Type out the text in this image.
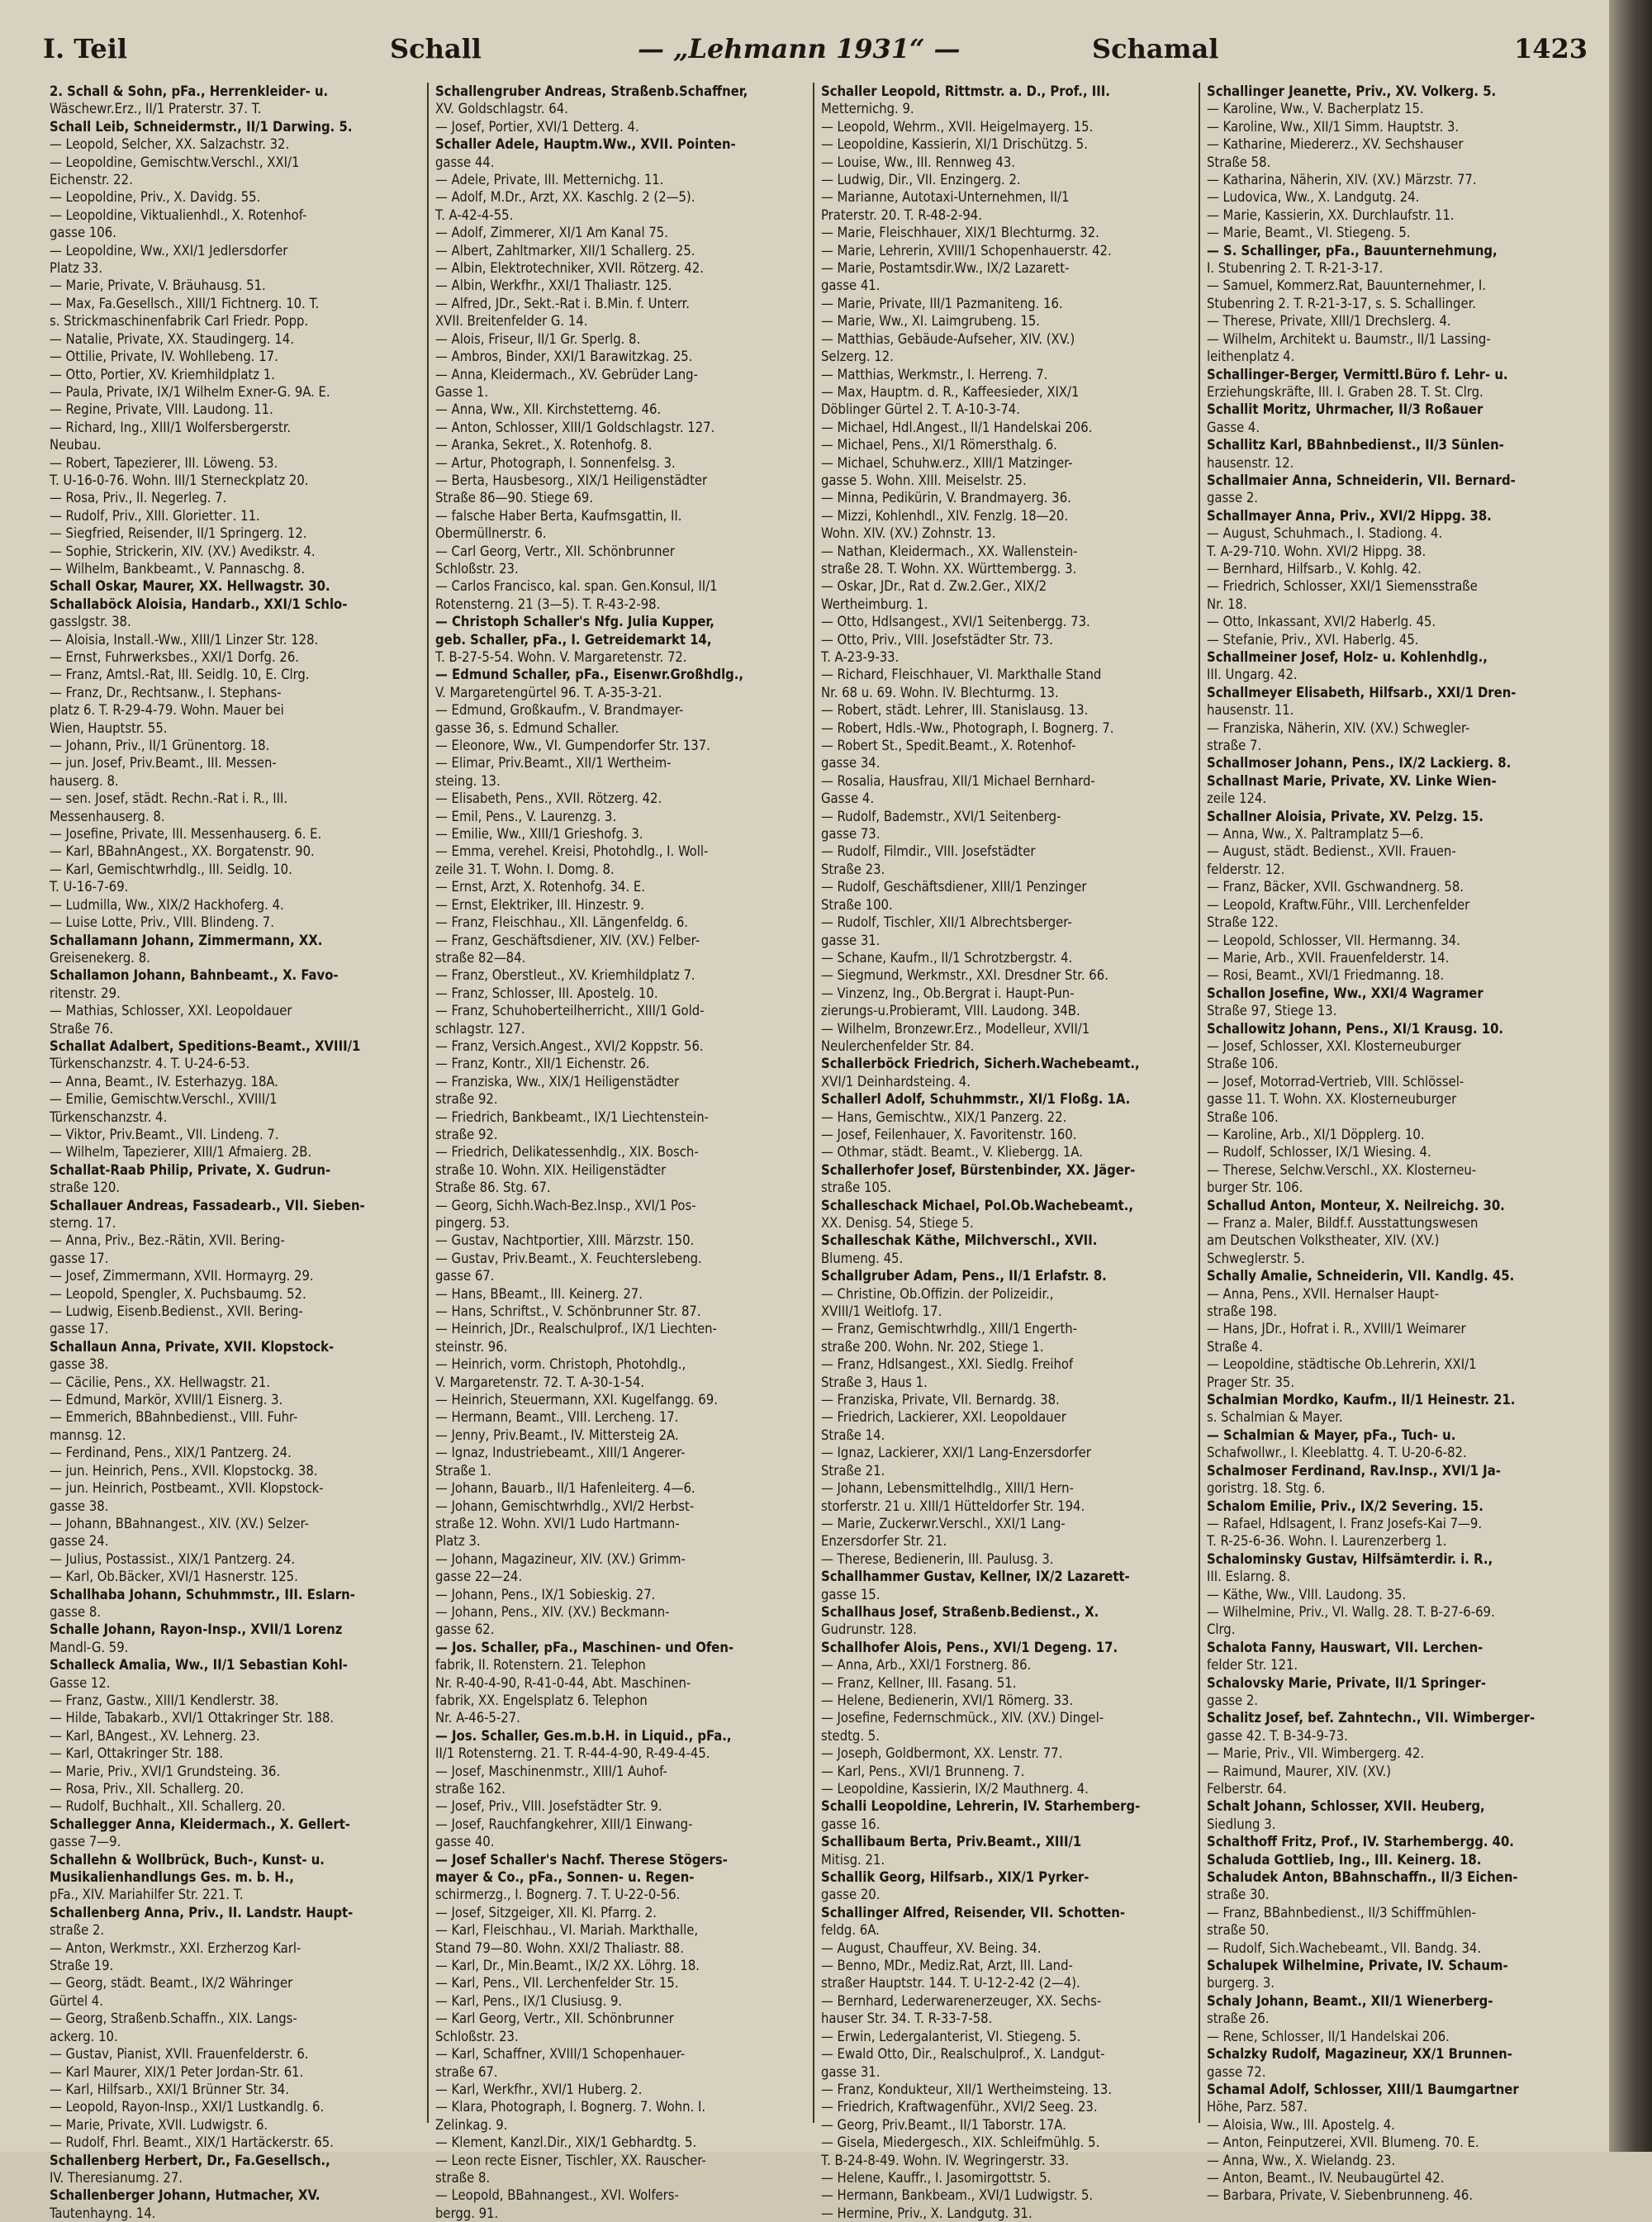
I. Teil	Schall	— „Lehmann 1931“ —	Schamal	1423
2. Schall & Sohn, pFa., Herrenkleider- u.
Wäschewr.Erz., II/1 Praterstr. 37. T.
Schall Leib, Schneidermstr., II/1 Darwing. 5.
— Leopold, Selcher, XX. Salzachstr. 32.
— Leopoldine, Gemischtw.Verschl., XXI/1
Eichenstr. 22.
— Leopoldine, Priv., X. Davidg. 55.
— Leopoldine, Viktualienhdl., X. Rotenhof-
gasse 106.
— Leopoldine, Ww., XXI/1 Jedlersdorfer
Platz 33.
— Marie, Private, V. Bräuhausg. 51.
— Max, Fa.Gesellsch., XIII/1 Fichtnerg. 10. T.
s. Strickmaschinenfabrik Carl Friedr. Popp.
— Natalie, Private, XX. Staudingerg. 14.
— Ottilie, Private, IV. Wohllebeng. 17.
— Otto, Portier, XV. Kriemhildplatz 1.
— Paula, Private, IX/1 Wilhelm Exner-G. 9A. E.
— Regine, Private, VIII. Laudong. 11.
— Richard, Ing., XIII/1 Wolfersbergerstr.
Neubau.
— Robert, Tapezierer, III. Löweng. 53.
T. U-16-0-76. Wohn. III/1 Sterneckplatz 20.
— Rosa, Priv., II. Negerleg. 7.
— Rudolf, Priv., XIII. Gloriettег. 11.
— Siegfried, Reisender, II/1 Springerg. 12.
— Sophie, Strickerin, XIV. (XV.) Avedikstr. 4.
— Wilhelm, Bankbeamt., V. Pannaschg. 8.
Schall Oskar, Maurer, XX. Hellwagstr. 30.
Schallaböck Aloisia, Handarb., XXI/1 Schlo-
gasslgstr. 38.
— Aloisia, Install.-Ww., XIII/1 Linzer Str. 128.
— Ernst, Fuhrwerksbes., XXI/1 Dorfg. 26.
— Franz, Amtsl.-Rat, III. Seidlg. 10, E. Clrg.
— Franz, Dr., Rechtsanw., I. Stephans-
platz 6. T. R-29-4-79. Wohn. Mauer bei
Wien, Hauptstr. 55.
— Johann, Priv., II/1 Grünentorg. 18.
— jun. Josef, Priv.Beamt., III. Messen-
hauserg. 8.
— sen. Josef, städt. Rechn.-Rat i. R., III.
Messenhauserg. 8.
— Josefine, Private, III. Messenhauserg. 6. E.
— Karl, BBahnAngest., XX. Borgatenstr. 90.
— Karl, Gemischtwrhdlg., III. Seidlg. 10.
T. U-16-7-69.
— Ludmilla, Ww., XIX/2 Hackhoferg. 4.
— Luise Lotte, Priv., VIII. Blindeng. 7.
Schallamann Johann, Zimmermann, XX.
Greisenekerg. 8.
Schallamon Johann, Bahnbeamt., X. Favo-
ritenstr. 29.
— Mathias, Schlosser, XXI. Leopoldauer
Straße 76.
Schallat Adalbert, Speditions-Beamt., XVIII/1
Türkenschanzstr. 4. T. U-24-6-53.
— Anna, Beamt., IV. Esterhazyg. 18A.
— Emilie, Gemischtw.Verschl., XVIII/1
Türkenschanzstr. 4.
— Viktor, Priv.Beamt., VII. Lindeng. 7.
— Wilhelm, Tapezierer, XIII/1 Afmaierg. 2B.
Schallat-Raab Philip, Private, X. Gudrun-
straße 120.
Schallauer Andreas, Fassadearb., VII. Sieben-
sterng. 17.
— Anna, Priv., Bez.-Rätin, XVII. Bering-
gasse 17.
— Josef, Zimmermann, XVII. Hormayrg. 29.
— Leopold, Spengler, X. Puchsbaumg. 52.
— Ludwig, Eisenb.Bedienst., XVII. Bering-
gasse 17.
Schallaun Anna, Private, XVII. Klopstock-
gasse 38.
— Cäcilie, Pens., XX. Hellwagstr. 21.
— Edmund, Markör, XVIII/1 Eisnerg. 3.
— Emmerich, BBahnbedienst., VIII. Fuhr-
mannsg. 12.
— Ferdinand, Pens., XIX/1 Pantzerg. 24.
— jun. Heinrich, Pens., XVII. Klopstockg. 38.
— jun. Heinrich, Postbeamt., XVII. Klopstock-
gasse 38.
— Johann, BBahnangest., XIV. (XV.) Selzer-
gasse 24.
— Julius, Postassist., XIX/1 Pantzerg. 24.
— Karl, Ob.Bäcker, XVI/1 Hasnerstr. 125.
Schallhaba Johann, Schuhmmstr., III. Eslarn-
gasse 8.
Schalle Johann, Rayon-Insp., XVII/1 Lorenz
Mandl-G. 59.
Schalleck Amalia, Ww., II/1 Sebastian Kohl-
Gasse 12.
— Franz, Gastw., XIII/1 Kendlerstr. 38.
— Hilde, Tabakarb., XVI/1 Ottakringer Str. 188.
— Karl, BAngest., XV. Lehnerg. 23.
— Karl, Ottakringer Str. 188.
— Marie, Priv., XVI/1 Grundsteing. 36.
— Rosa, Priv., XII. Schallerg. 20.
— Rudolf, Buchhalt., XII. Schallerg. 20.
Schallegger Anna, Kleidermach., X. Gellert-
gasse 7—9.
Schallehn & Wollbrück, Buch-, Kunst- u.
Musikalienhandlungs Ges. m. b. H.,
pFa., XIV. Mariahilfer Str. 221. T.
Schallenberg Anna, Priv., II. Landstr. Haupt-
straße 2.
— Anton, Werkmstr., XXI. Erzherzog Karl-
Straße 19.
— Georg, städt. Beamt., IX/2 Währinger
Gürtel 4.
— Georg, Straßenb.Schaffn., XIX. Langs-
ackerg. 10.
— Gustav, Pianist, XVII. Frauenfelderstr. 6.
— Karl Maurer, XIX/1 Peter Jordan-Str. 61.
— Karl, Hilfsarb., XXI/1 Brünner Str. 34.
— Leopold, Rayon-Insp., XXI/1 Lustkandlg. 6.
— Marie, Private, XVII. Ludwigstr. 6.
— Rudolf, Fhrl. Beamt., XIX/1 Hartäckerstr. 65.
Schallenberg Herbert, Dr., Fa.Gesellsch.,
IV. Theresianumg. 27.
Schallenberger Johann, Hutmacher, XV.
Tautenhayng. 14.
Schallengruber Andreas, Straßenb.Schaffner,
XV. Goldschlagstr. 64.
— Josef, Portier, XVI/1 Detterg. 4.
Schaller Adele, Hauptm.Ww., XVII. Pointen-
gasse 44.
— Adele, Private, III. Metternichg. 11.
— Adolf, M.Dr., Arzt, XX. Kaschlg. 2 (2—5).
T. A-42-4-55.
— Adolf, Zimmerer, XI/1 Am Kanal 75.
— Albert, Zahltmarker, XII/1 Schallerg. 25.
— Albin, Elektrotechniker, XVII. Rötzerg. 42.
— Albin, Werkfhr., XXI/1 Thaliastr. 125.
— Alfred, JDr., Sekt.-Rat i. B.Min. f. Unterr.
XVII. Breitenfelder G. 14.
— Alois, Friseur, II/1 Gr. Sperlg. 8.
— Ambros, Binder, XXI/1 Barawitzkag. 25.
— Anna, Kleidermach., XV. Gebrüder Lang-
Gasse 1.
— Anna, Ww., XII. Kirchstetterng. 46.
— Anton, Schlosser, XIII/1 Goldschlagstr. 127.
— Aranka, Sekret., X. Rotenhofg. 8.
— Artur, Photograph, I. Sonnenfelsg. 3.
— Berta, Hausbesorg., XIX/1 Heiligenstädter
Straße 86—90. Stiege 69.
— falsche Haber Berta, Kaufmsgattin, II.
Obermüllnerstr. 6.
— Carl Georg, Vertr., XII. Schönbrunner
Schloßstr. 23.
— Carlos Francisco, kal. span. Gen.Konsul, II/1
Rotensterng. 21 (3—5). T. R-43-2-98.
— Christoph Schaller's Nfg. Julia Kupper,
geb. Schaller, pFa., I. Getreidemarkt 14,
T. B-27-5-54. Wohn. V. Margaretenstr. 72.
— Edmund Schaller, pFa., Eisenwr.Großhdlg.,
V. Margaretengürtel 96. T. A-35-3-21.
— Edmund, Großkaufm., V. Brandmayer-
gasse 36, s. Edmund Schaller.
— Eleonore, Ww., VI. Gumpendorfer Str. 137.
— Elimar, Priv.Beamt., XII/1 Wertheim-
steing. 13.
— Elisabeth, Pens., XVII. Rötzerg. 42.
— Emil, Pens., V. Laurenzg. 3.
— Emilie, Ww., XIII/1 Grieshofg. 3.
— Emma, verehel. Kreisi, Photohdlg., I. Woll-
zeile 31. T. Wohn. I. Domg. 8.
— Ernst, Arzt, X. Rotenhofg. 34. E.
— Ernst, Elektriker, III. Hinzestr. 9.
— Franz, Fleischhau., XII. Längenfeldg. 6.
— Franz, Geschäftsdiener, XIV. (XV.) Felber-
straße 82—84.
— Franz, Oberstleut., XV. Kriemhildplatz 7.
— Franz, Schlosser, III. Apostelg. 10.
— Franz, Schuhoberteilherricht., XIII/1 Gold-
schlagstr. 127.
— Franz, Versich.Angest., XVI/2 Koppstr. 56.
— Franz, Kontr., XII/1 Eichenstr. 26.
— Franziska, Ww., XIX/1 Heiligenstädter
straße 92.
— Friedrich, Bankbeamt., IX/1 Liechtenstein-
straße 92.
— Friedrich, Delikatessenhdlg., XIX. Bosch-
straße 10. Wohn. XIX. Heiligenstädter
Straße 86. Stg. 67.
— Georg, Sichh.Wach-Bez.Insp., XVI/1 Pos-
pingerg. 53.
— Gustav, Nachtportier, XIII. Märzstr. 150.
— Gustav, Priv.Beamt., X. Feuchterslebeng.
gasse 67.
— Hans, BBeamt., III. Keinerg. 27.
— Hans, Schriftst., V. Schönbrunner Str. 87.
— Heinrich, JDr., Realschulprof., IX/1 Liechten-
steinstr. 96.
— Heinrich, vorm. Christoph, Photohdlg.,
V. Margaretenstr. 72. T. A-30-1-54.
— Heinrich, Steuermann, XXI. Kugelfangg. 69.
— Hermann, Beamt., VIII. Lercheng. 17.
— Jenny, Priv.Beamt., IV. Mittersteig 2A.
— Ignaz, Industriebeamt., XIII/1 Angerer-
Straße 1.
— Johann, Bauarb., II/1 Hafenleiterg. 4—6.
— Johann, Gemischtwrhdlg., XVI/2 Herbst-
straße 12. Wohn. XVI/1 Ludo Hartmann-
Platz 3.
— Johann, Magazineur, XIV. (XV.) Grimm-
gasse 22—24.
— Johann, Pens., IX/1 Sobieskig. 27.
— Johann, Pens., XIV. (XV.) Beckmann-
gasse 62.
— Jos. Schaller, pFa., Maschinen- und Ofen-
fabrik, II. Rotenstern. 21. Telephon
Nr. R-40-4-90, R-41-0-44, Abt. Maschinen-
fabrik, XX. Engelsplatz 6. Telephon
Nr. A-46-5-27.
— Jos. Schaller, Ges.m.b.H. in Liquid., pFa.,
II/1 Rotensterng. 21. T. R-44-4-90, R-49-4-45.
— Josef, Maschinenmstr., XIII/1 Auhof-
straße 162.
— Josef, Priv., VIII. Josefstädter Str. 9.
— Josef, Rauchfangkehrer, XIII/1 Einwang-
gasse 40.
— Josef Schaller's Nachf. Therese Stögers-
mayer & Co., pFa., Sonnen- u. Regen-
schirmerzg., I. Bognerg. 7. T. U-22-0-56.
— Josef, Sitzgeiger, XII. Kl. Pfarrg. 2.
— Karl, Fleischhau., VI. Mariah. Markthalle,
Stand 79—80. Wohn. XXI/2 Thaliastr. 88.
— Karl, Dr., Min.Beamt., IX/2 XX. Löhrg. 18.
— Karl, Pens., VII. Lerchenfelder Str. 15.
— Karl, Pens., IX/1 Clusiusg. 9.
— Karl Georg, Vertr., XII. Schönbrunner
Schloßstr. 23.
— Karl, Schaffner, XVIII/1 Schopenhauer-
straße 67.
— Karl, Werkfhr., XVI/1 Huberg. 2.
— Klara, Photograph, I. Bognerg. 7. Wohn. I.
Zelinkag. 9.
— Klement, Kanzl.Dir., XIX/1 Gebhardtg. 5.
— Leon recte Eisner, Tischler, XX. Rauscher-
straße 8.
— Leopold, BBahnangest., XVI. Wolfers-
bergg. 91.
Schaller Leopold, Rittmstr. a. D., Prof., III.
Metternichg. 9.
— Leopold, Wehrm., XVII. Heigelmayerg. 15.
— Leopoldine, Kassierin, XI/1 Drischützg. 5.
— Louise, Ww., III. Rennweg 43.
— Ludwig, Dir., VII. Enzingerg. 2.
— Marianne, Autotaxi-Unternehmen, II/1
Praterstr. 20. T. R-48-2-94.
— Marie, Fleischhauer, XIX/1 Blechturmg. 32.
— Marie, Lehrerin, XVIII/1 Schopenhauerstr. 42.
— Marie, Postamtsdir.Ww., IX/2 Lazarett-
gasse 41.
— Marie, Private, III/1 Pazmaniteng. 16.
— Marie, Ww., XI. Laimgrubeng. 15.
— Matthias, Gebäude-Aufseher, XIV. (XV.)
Selzerg. 12.
— Matthias, Werkmstr., I. Herreng. 7.
— Max, Hauptm. d. R., Kaffeesieder, XIX/1
Döblinger Gürtel 2. T. A-10-3-74.
— Michael, Hdl.Angest., II/1 Handelskai 206.
— Michael, Pens., XI/1 Römersthalg. 6.
— Michael, Schuhw.erz., XIII/1 Matzinger-
gasse 5. Wohn. XIII. Meiselstr. 25.
— Minna, Pedikürin, V. Brandmayerg. 36.
— Mizzi, Kohlenhdl., XIV. Fenzlg. 18—20.
Wohn. XIV. (XV.) Zohnstr. 13.
— Nathan, Kleidermach., XX. Wallenstein-
straße 28. T. Wohn. XX. Württembergg. 3.
— Oskar, JDr., Rat d. Zw.2.Ger., XIX/2
Wertheimburg. 1.
— Otto, Hdlsangest., XVI/1 Seitenbergg. 73.
— Otto, Priv., VIII. Josefstädter Str. 73.
T. A-23-9-33.
— Richard, Fleischhauer, VI. Markthalle Stand
Nr. 68 u. 69. Wohn. IV. Blechturmg. 13.
— Robert, städt. Lehrer, III. Stanislausg. 13.
— Robert, Hdls.-Ww., Photograph, I. Bognerg. 7.
— Robert St., Spedit.Beamt., X. Rotenhof-
gasse 34.
— Rosalia, Hausfrau, XII/1 Michael Bernhard-
Gasse 4.
— Rudolf, Bademstr., XVI/1 Seitenberg-
gasse 73.
— Rudolf, Filmdir., VIII. Josefstädter
Straße 23.
— Rudolf, Geschäftsdiener, XIII/1 Penzinger
Straße 100.
— Rudolf, Tischler, XII/1 Albrechtsberger-
gasse 31.
— Schane, Kaufm., II/1 Schrotzbergstr. 4.
— Siegmund, Werkmstr., XXI. Dresdner Str. 66.
— Vinzenz, Ing., Ob.Bergrat i. Haupt-Pun-
zierungs-u.Probieramt, VIII. Laudong. 34B.
— Wilhelm, Bronzewr.Erz., Modelleur, XVII/1
Neulerchenfelder Str. 84.
Schallerböck Friedrich, Sicherh.Wachebeamt.,
XVI/1 Deinhardsteing. 4.
Schallerl Adolf, Schuhmmstr., XI/1 Floßg. 1A.
— Hans, Gemischtw., XIX/1 Panzerg. 22.
— Josef, Feilenhauer, X. Favoritenstr. 160.
— Othmar, städt. Beamt., V. Kliebergg. 1A.
Schallerhofer Josef, Bürstenbinder, XX. Jäger-
straße 105.
Schalleschack Michael, Pol.Ob.Wachebeamt.,
XX. Denisg. 54, Stiege 5.
Schalleschak Käthe, Milchverschl., XVII.
Blumeng. 45.
Schallgruber Adam, Pens., II/1 Erlafstr. 8.
— Christine, Ob.Offizin. der Polizeidir.,
XVIII/1 Weitlofg. 17.
— Franz, Gemischtwrhdlg., XIII/1 Engerth-
straße 200. Wohn. Nr. 202, Stiege 1.
— Franz, Hdlsangest., XXI. Siedlg. Freihof
Straße 3, Haus 1.
— Franziska, Private, VII. Bernardg. 38.
— Friedrich, Lackierer, XXI. Leopoldauer
Straße 14.
— Ignaz, Lackierer, XXI/1 Lang-Enzersdorfer
Straße 21.
— Johann, Lebensmittelhdlg., XIII/1 Hern-
storferstr. 21 u. XIII/1 Hütteldorfer Str. 194.
— Marie, Zuckerwr.Verschl., XXI/1 Lang-
Enzersdorfer Str. 21.
— Therese, Bedienerin, III. Paulusg. 3.
Schallhammer Gustav, Kellner, IX/2 Lazarett-
gasse 15.
Schallhaus Josef, Straßenb.Bedienst., X.
Gudrunstr. 128.
Schallhofer Alois, Pens., XVI/1 Degeng. 17.
— Anna, Arb., XXI/1 Forstnerg. 86.
— Franz, Kellner, III. Fasang. 51.
— Helene, Bedienerin, XVI/1 Römerg. 33.
— Josefine, Federnschmück., XIV. (XV.) Dingel-
stedtg. 5.
— Joseph, Goldbermont, XX. Lenstr. 77.
— Karl, Pens., XVI/1 Brunneng. 7.
— Leopoldine, Kassierin, IX/2 Mauthnerg. 4.
Schalli Leopoldine, Lehrerin, IV. Starhemberg-
gasse 16.
Schallibaum Berta, Priv.Beamt., XIII/1
Mitisg. 21.
Schallik Georg, Hilfsarb., XIX/1 Pyrker-
gasse 20.
Schallinger Alfred, Reisender, VII. Schotten-
feldg. 6A.
— August, Chauffeur, XV. Being. 34.
— Benno, MDr., Mediz.Rat, Arzt, III. Land-
straßer Hauptstr. 144. T. U-12-2-42 (2—4).
— Bernhard, Lederwarenerzeuger, XX. Sechs-
hauser Str. 34. T. R-33-7-58.
— Erwin, Ledergalanterist, VI. Stiegeng. 5.
— Ewald Otto, Dir., Realschulprof., X. Landgut-
gasse 31.
— Franz, Kondukteur, XII/1 Wertheimsteing. 13.
— Friedrich, Kraftwagenführ., XVI/2 Seeg. 23.
— Georg, Priv.Beamt., II/1 Taborstr. 17A.
— Gisela, Miedergesch., XIX. Schleifmühlg. 5.
T. B-24-8-49. Wohn. IV. Wegringerstr. 33.
— Helene, Kauffr., I. Jasomirgottstr. 5.
— Hermann, Bankbeam., XVI/1 Ludwigstr. 5.
— Hermine, Priv., X. Landgutg. 31.
Schallinger Jeanette, Priv., XV. Volkerg. 5.
— Karoline, Ww., V. Bacherplatz 15.
— Karoline, Ww., XII/1 Simm. Hauptstr. 3.
— Katharine, Miedererz., XV. Sechshauser
Straße 58.
— Katharina, Näherin, XIV. (XV.) Märzstr. 77.
— Ludovica, Ww., X. Landgutg. 24.
— Marie, Kassierin, XX. Durchlaufstr. 11.
— Marie, Beamt., VI. Stiegeng. 5.
— S. Schallinger, pFa., Bauunternehmung,
I. Stubenring 2. T. R-21-3-17.
— Samuel, Kommerz.Rat, Bauunternehmer, I.
Stubenring 2. T. R-21-3-17, s. S. Schallinger.
— Therese, Private, XIII/1 Drechslerg. 4.
— Wilhelm, Architekt u. Baumstr., II/1 Lassing-
leithenplatz 4.
Schallinger-Berger, Vermittl.Büro f. Lehr- u.
Erziehungskräfte, III. I. Graben 28. T. St. Clrg.
Schallit Moritz, Uhrmacher, II/3 Roßauer
Gasse 4.
Schallitz Karl, BBahnbedienst., II/3 Sünlen-
hausenstr. 12.
Schallmaier Anna, Schneiderin, VII. Bernard-
gasse 2.
Schallmayer Anna, Priv., XVI/2 Hippg. 38.
— August, Schuhmach., I. Stadiong. 4.
T. A-29-710. Wohn. XVI/2 Hippg. 38.
— Bernhard, Hilfsarb., V. Kohlg. 42.
— Friedrich, Schlosser, XXI/1 Siemensstraße
Nr. 18.
— Otto, Inkassant, XVI/2 Haberlg. 45.
— Stefanie, Priv., XVI. Haberlg. 45.
Schallmeiner Josef, Holz- u. Kohlenhdlg.,
III. Ungarg. 42.
Schallmeyer Elisabeth, Hilfsarb., XXI/1 Dren-
hausenstr. 11.
— Franziska, Näherin, XIV. (XV.) Schwegler-
straße 7.
Schallmoser Johann, Pens., IX/2 Lackierg. 8.
Schallnast Marie, Private, XV. Linke Wien-
zeile 124.
Schallner Aloisia, Private, XV. Pelzg. 15.
— Anna, Ww., X. Paltramplatz 5—6.
— August, städt. Bedienst., XVII. Frauen-
felderstr. 12.
— Franz, Bäcker, XVII. Gschwandnerg. 58.
— Leopold, Kraftw.Führ., VIII. Lerchenfelder
Straße 122.
— Leopold, Schlosser, VII. Hermanng. 34.
— Marie, Arb., XVII. Frauenfelderstr. 14.
— Rosi, Beamt., XVI/1 Friedmanng. 18.
Schallon Josefine, Ww., XXI/4 Wagramer
Straße 97, Stiege 13.
Schallowitz Johann, Pens., XI/1 Krausg. 10.
— Josef, Schlosser, XXI. Klosterneuburger
Straße 106.
— Josef, Motorrad-Vertrieb, VIII. Schlössel-
gasse 11. T. Wohn. XX. Klosterneuburger
Straße 106.
— Karoline, Arb., XI/1 Döpplerg. 10.
— Rudolf, Schlosser, IX/1 Wiesing. 4.
— Therese, Selchw.Verschl., XX. Klosterneu-
burger Str. 106.
Schallud Anton, Monteur, X. Neilreichg. 30.
— Franz a. Maler, Bildf.f. Ausstattungswesen
am Deutschen Volkstheater, XIV. (XV.)
Schweglerstr. 5.
Schally Amalie, Schneiderin, VII. Kandlg. 45.
— Anna, Pens., XVII. Hernalser Haupt-
straße 198.
— Hans, JDr., Hofrat i. R., XVIII/1 Weimarer
Straße 4.
— Leopoldine, städtische Ob.Lehrerin, XXI/1
Prager Str. 35.
Schalmian Mordko, Kaufm., II/1 Heinestr. 21.
s. Schalmian & Mayer.
— Schalmian & Mayer, pFa., Tuch- u.
Schafwollwr., I. Kleeblattg. 4. T. U-20-6-82.
Schalmoser Ferdinand, Rav.Insp., XVI/1 Ja-
goristrg. 18. Stg. 6.
Schalom Emilie, Priv., IX/2 Severing. 15.
— Rafael, Hdlsagent, I. Franz Josefs-Kai 7—9.
T. R-25-6-36. Wohn. I. Laurenzerberg 1.
Schalominsky Gustav, Hilfsämterdir. i. R.,
III. Eslarng. 8.
— Käthe, Ww., VIII. Laudong. 35.
— Wilhelmine, Priv., VI. Wallg. 28. T. B-27-6-69.
Clrg.
Schalota Fanny, Hauswart, VII. Lerchen-
felder Str. 121.
Schalovsky Marie, Private, II/1 Springer-
gasse 2.
Schalitz Josef, bef. Zahntechn., VII. Wimberger-
gasse 42. T. B-34-9-73.
— Marie, Priv., VII. Wimbergerg. 42.
— Raimund, Maurer, XIV. (XV.)
Felberstr. 64.
Schalt Johann, Schlosser, XVII. Heuberg,
Siedlung 3.
Schalthoff Fritz, Prof., IV. Starhembergg. 40.
Schaluda Gottlieb, Ing., III. Keinerg. 18.
Schaludek Anton, BBahnschaffn., II/3 Eichen-
straße 30.
— Franz, BBahnbedienst., II/3 Schiffmühlen-
straße 50.
— Rudolf, Sich.Wachebeamt., VII. Bandg. 34.
Schalupek Wilhelmine, Private, IV. Schaum-
burgerg. 3.
Schaly Johann, Beamt., XII/1 Wienerberg-
straße 26.
— Rene, Schlosser, II/1 Handelskai 206.
Schalzky Rudolf, Magazineur, XX/1 Brunnen-
gasse 72.
Schamal Adolf, Schlosser, XIII/1 Baumgartner
Höhe, Parz. 587.
— Aloisia, Ww., III. Apostelg. 4.
— Anton, Feinputzerei, XVII. Blumeng. 70. E.
— Anna, Ww., X. Wielandg. 23.
— Anton, Beamt., IV. Neubaugürtel 42.
— Barbara, Private, V. Siebenbrunneng. 46.
